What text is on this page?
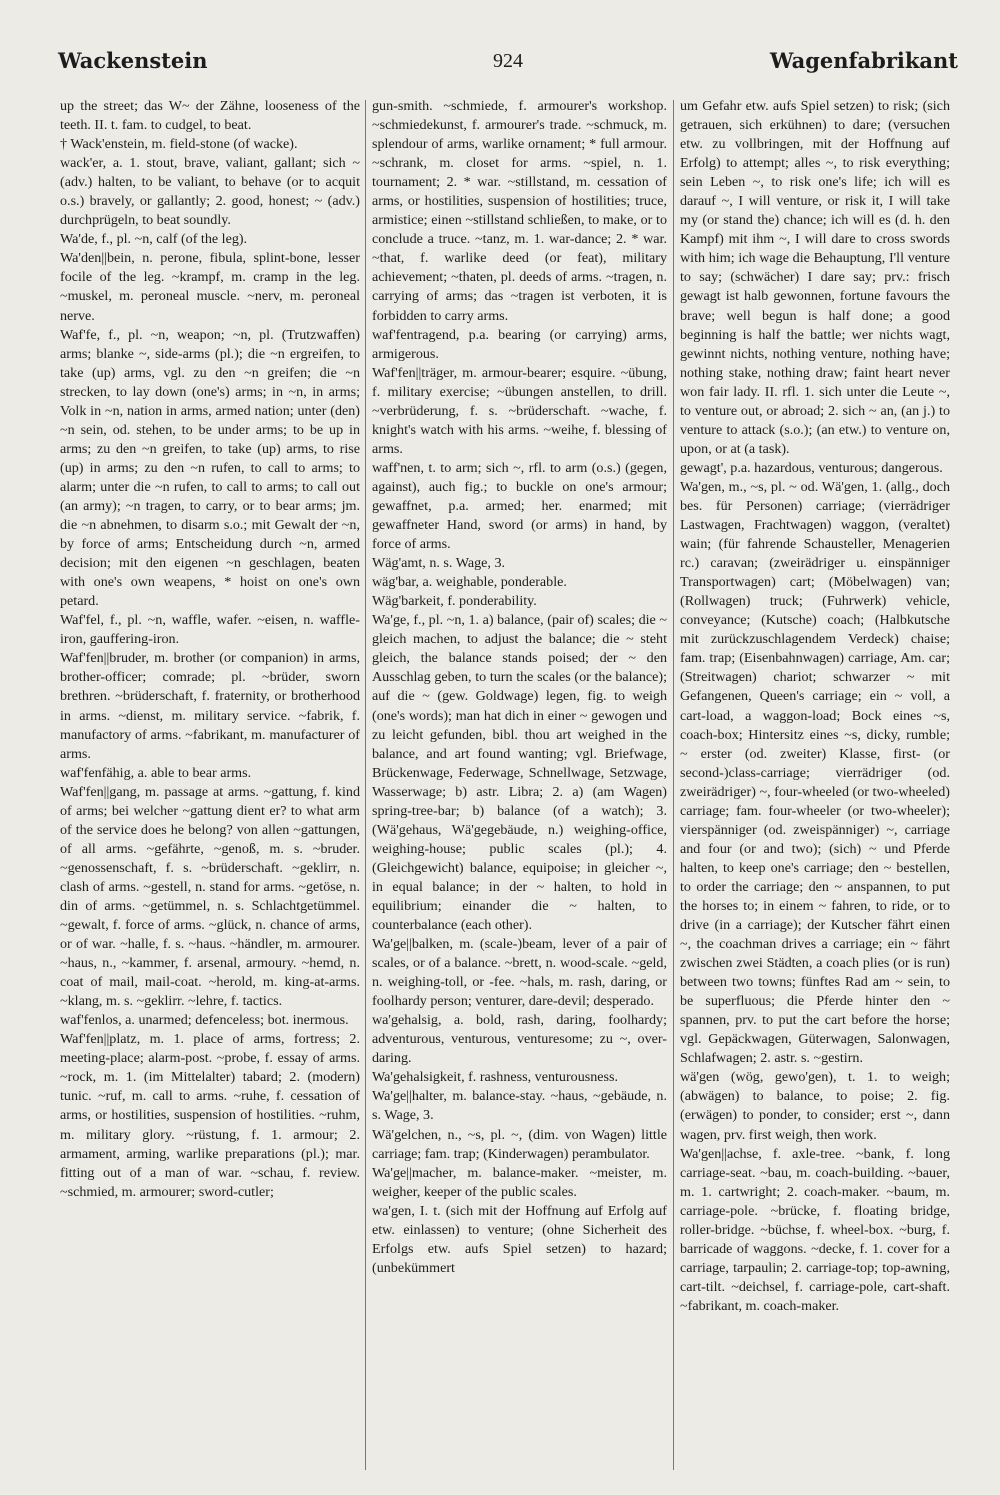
Wackenstein	924	Wagenfabrikant

up the street; das W~ der Zähne, looseness of the teeth. II. t. fam. to cudgel, to beat.

† Wack'enstein, m. field-stone (of wacke).

wack'er, a. 1. stout, brave, valiant, gallant; sich ~ (adv.) halten, to be valiant, to behave (or to acquit o.s.) bravely, or gallantly; 2. good, honest; ~ (adv.) durchprügeln, to beat soundly.

Wa'de, f., pl. ~n, calf (of the leg).

Wa'den||bein, n. perone, fibula, splint-bone, lesser focile of the leg. ~krampf, m. cramp in the leg. ~muskel, m. peroneal muscle. ~nerv, m. peroneal nerve.

Waf'fe, f., pl. ~n, weapon; ~n, pl. (Trutzwaffen) arms; blanke ~, side-arms (pl.); die ~n ergreifen, to take (up) arms, vgl. zu den ~n greifen; die ~n strecken, to lay down (one's) arms; in ~n, in arms; Volk in ~n, nation in arms, armed nation; unter (den) ~n sein, od. stehen, to be under arms; to be up in arms; zu den ~n greifen, to take (up) arms, to rise (up) in arms; zu den ~n rufen, to call to arms; to alarm; unter die ~n rufen, to call to arms; to call out (an army); ~n tragen, to carry, or to bear arms; jm. die ~n abnehmen, to disarm s.o.; mit Gewalt der ~n, by force of arms; Entscheidung durch ~n, armed decision; mit den eigenen ~n geschlagen, beaten with one's own weapens, * hoist on one's own petard.

Waf'fel, f., pl. ~n, waffle, wafer. ~eisen, n. waffle-iron, gauffering-iron.

Waf'fen||bruder, m. brother (or companion) in arms, brother-officer; comrade; pl. ~brüder, sworn brethren. ~brüderschaft, f. fraternity, or brotherhood in arms. ~dienst, m. military service. ~fabrik, f. manufactory of arms. ~fabrikant, m. manufacturer of arms.

waf'fenfähig, a. able to bear arms.

Waf'fen||gang, m. passage at arms. ~gattung, f. kind of arms; bei welcher ~gattung dient er? to what arm of the service does he belong? von allen ~gattungen, of all arms. ~gefährte, ~genoß, m. s. ~bruder. ~genossenschaft, f. s. ~brüderschaft. ~geklirr, n. clash of arms. ~gestell, n. stand for arms. ~getöse, n. din of arms. ~getümmel, n. s. Schlachtgetümmel. ~gewalt, f. force of arms. ~glück, n. chance of arms, or of war. ~halle, f. s. ~haus. ~händler, m. armourer. ~haus, n., ~kammer, f. arsenal, armoury. ~hemd, n. coat of mail, mail-coat. ~herold, m. king-at-arms. ~klang, m. s. ~geklirr. ~lehre, f. tactics.

waf'fenlos, a. unarmed; defenceless; bot. inermous.

Waf'fen||platz, m. 1. place of arms, fortress; 2. meeting-place; alarm-post. ~probe, f. essay of arms. ~rock, m. 1. (im Mittelalter) tabard; 2. (modern) tunic. ~ruf, m. call to arms. ~ruhe, f. cessation of arms, or hostilities, suspension of hostilities. ~ruhm, m. military glory. ~rüstung, f. 1. armour; 2. armament, arming, warlike preparations (pl.); mar. fitting out of a man of war. ~schau, f. review. ~schmied, m. armourer; sword-cutler;

gun-smith. ~schmiede, f. armourer's workshop. ~schmiedekunst, f. armourer's trade. ~schmuck, m. splendour of arms, warlike ornament; * full armour. ~schrank, m. closet for arms. ~spiel, n. 1. tournament; 2. * war. ~stillstand, m. cessation of arms, or hostilities, suspension of hostilities; truce, armistice; einen ~stillstand schließen, to make, or to conclude a truce. ~tanz, m. 1. war-dance; 2. * war. ~that, f. warlike deed (or feat), military achievement; ~thaten, pl. deeds of arms. ~tragen, n. carrying of arms; das ~tragen ist verboten, it is forbidden to carry arms.

waf'fentragend, p.a. bearing (or carrying) arms, armigerous.

Waf'fen||träger, m. armour-bearer; esquire. ~übung, f. military exercise; ~übungen anstellen, to drill. ~verbrüderung, f. s. ~brüderschaft. ~wache, f. knight's watch with his arms. ~weihe, f. blessing of arms.

waff'nen, t. to arm; sich ~, rfl. to arm (o.s.) (gegen, against), auch fig.; to buckle on one's armour; gewaffnet, p.a. armed; her. enarmed; mit gewaffneter Hand, sword (or arms) in hand, by force of arms.

Wäg'amt, n. s. Wage, 3.

wäg'bar, a. weighable, ponderable.

Wäg'barkeit, f. ponderability.

Wa'ge, f., pl. ~n, 1. a) balance, (pair of) scales; die ~ gleich machen, to adjust the balance; die ~ steht gleich, the balance stands poised; der ~ den Ausschlag geben, to turn the scales (or the balance); auf die ~ (gew. Goldwage) legen, fig. to weigh (one's words); man hat dich in einer ~ gewogen und zu leicht gefunden, bibl. thou art weighed in the balance, and art found wanting; vgl. Briefwage, Brückenwage, Federwage, Schnellwage, Setzwage, Wasserwage; b) astr. Libra; 2. a) (am Wagen) spring-tree-bar; b) balance (of a watch); 3. (Wä'gehaus, Wä'gegebäude, n.) weighing-office, weighing-house; public scales (pl.); 4. (Gleichgewicht) balance, equipoise; in gleicher ~, in equal balance; in der ~ halten, to hold in equilibrium; einander die ~ halten, to counterbalance (each other).

Wa'ge||balken, m. (scale-)beam, lever of a pair of scales, or of a balance. ~brett, n. wood-scale. ~geld, n. weighing-toll, or -fee. ~hals, m. rash, daring, or foolhardy person; venturer, dare-devil; desperado.

wa'gehalsig, a. bold, rash, daring, foolhardy; adventurous, venturous, venturesome; zu ~, over-daring.

Wa'gehalsigkeit, f. rashness, venturousness.

Wa'ge||halter, m. balance-stay. ~haus, ~gebäude, n. s. Wage, 3.

Wä'gelchen, n., ~s, pl. ~, (dim. von Wagen) little carriage; fam. trap; (Kinderwagen) perambulator.

Wa'ge||macher, m. balance-maker. ~meister, m. weigher, keeper of the public scales.

wa'gen, I. t. (sich mit der Hoffnung auf Erfolg auf etw. einlassen) to venture; (ohne Sicherheit des Erfolgs etw. aufs Spiel setzen) to hazard; (unbekümmert

um Gefahr etw. aufs Spiel setzen) to risk; (sich getrauen, sich erkühnen) to dare; (versuchen etw. zu vollbringen, mit der Hoffnung auf Erfolg) to attempt; alles ~, to risk everything; sein Leben ~, to risk one's life; ich will es darauf ~, I will venture, or risk it, I will take my (or stand the) chance; ich will es (d. h. den Kampf) mit ihm ~, I will dare to cross swords with him; ich wage die Behauptung, I'll venture to say; (schwächer) I dare say; prv.: frisch gewagt ist halb gewonnen, fortune favours the brave; well begun is half done; a good beginning is half the battle; wer nichts wagt, gewinnt nichts, nothing venture, nothing have; nothing stake, nothing draw; faint heart never won fair lady. II. rfl. 1. sich unter die Leute ~, to venture out, or abroad; 2. sich ~ an, (an j.) to venture to attack (s.o.); (an etw.) to venture on, upon, or at (a task).

gewagt', p.a. hazardous, venturous; dangerous.

Wa'gen, m., ~s, pl. ~ od. Wä'gen, 1. (allg., doch bes. für Personen) carriage; (vierrädriger Lastwagen, Frachtwagen) waggon, (veraltet) wain; (für fahrende Schausteller, Menagerien rc.) caravan; (zweirädriger u. einspänniger Transportwagen) cart; (Möbelwagen) van; (Rollwagen) truck; (Fuhrwerk) vehicle, conveyance; (Kutsche) coach; (Halbkutsche mit zurückzuschlagendem Verdeck) chaise; fam. trap; (Eisenbahnwagen) carriage, Am. car; (Streitwagen) chariot; schwarzer ~ mit Gefangenen, Queen's carriage; ein ~ voll, a cart-load, a waggon-load; Bock eines ~s, coach-box; Hintersitz eines ~s, dicky, rumble; ~ erster (od. zweiter) Klasse, first- (or second-)class-carriage; vierrädriger (od. zweirädriger) ~, four-wheeled (or two-wheeled) carriage; fam. four-wheeler (or two-wheeler); vierspänniger (od. zweispänniger) ~, carriage and four (or and two); (sich) ~ und Pferde halten, to keep one's carriage; den ~ bestellen, to order the carriage; den ~ anspannen, to put the horses to; in einem ~ fahren, to ride, or to drive (in a carriage); der Kutscher fährt einen ~, the coachman drives a carriage; ein ~ fährt zwischen zwei Städten, a coach plies (or is run) between two towns; fünftes Rad am ~ sein, to be superfluous; die Pferde hinter den ~ spannen, prv. to put the cart before the horse; vgl. Gepäckwagen, Güterwagen, Salonwagen, Schlafwagen; 2. astr. s. ~gestirn.

wä'gen (wög, gewo'gen), t. 1. to weigh; (abwägen) to balance, to poise; 2. fig. (erwägen) to ponder, to consider; erst ~, dann wagen, prv. first weigh, then work.

Wa'gen||achse, f. axle-tree. ~bank, f. long carriage-seat. ~bau, m. coach-building. ~bauer, m. 1. cartwright; 2. coach-maker. ~baum, m. carriage-pole. ~brücke, f. floating bridge, roller-bridge. ~büchse, f. wheel-box. ~burg, f. barricade of waggons. ~decke, f. 1. cover for a carriage, tarpaulin; 2. carriage-top; top-awning, cart-tilt. ~deichsel, f. carriage-pole, cart-shaft. ~fabrikant, m. coach-maker.
